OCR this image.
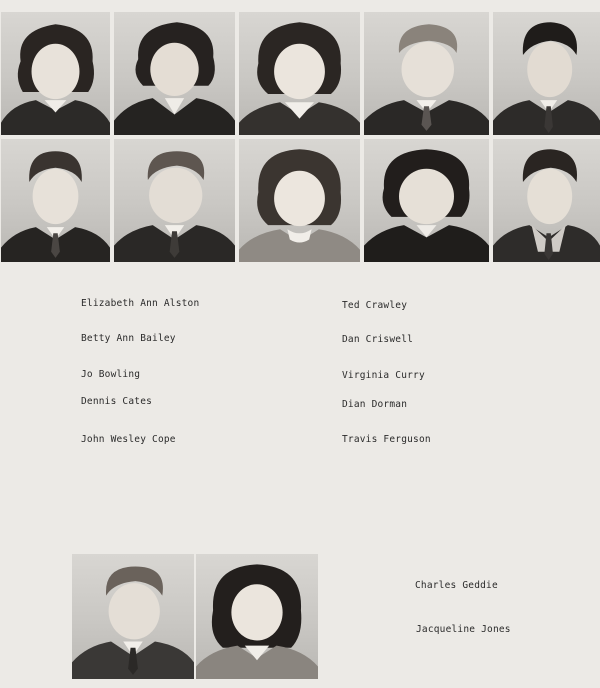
Elizabeth Ann Alston
Betty Ann Bailey
Jo Bowling
Dennis Cates
John Wesley Cope
Ted Crawley
Dan Criswell
Virginia Curry
Dian Dorman
Travis Ferguson
Charles Geddie
Jacqueline Jones
